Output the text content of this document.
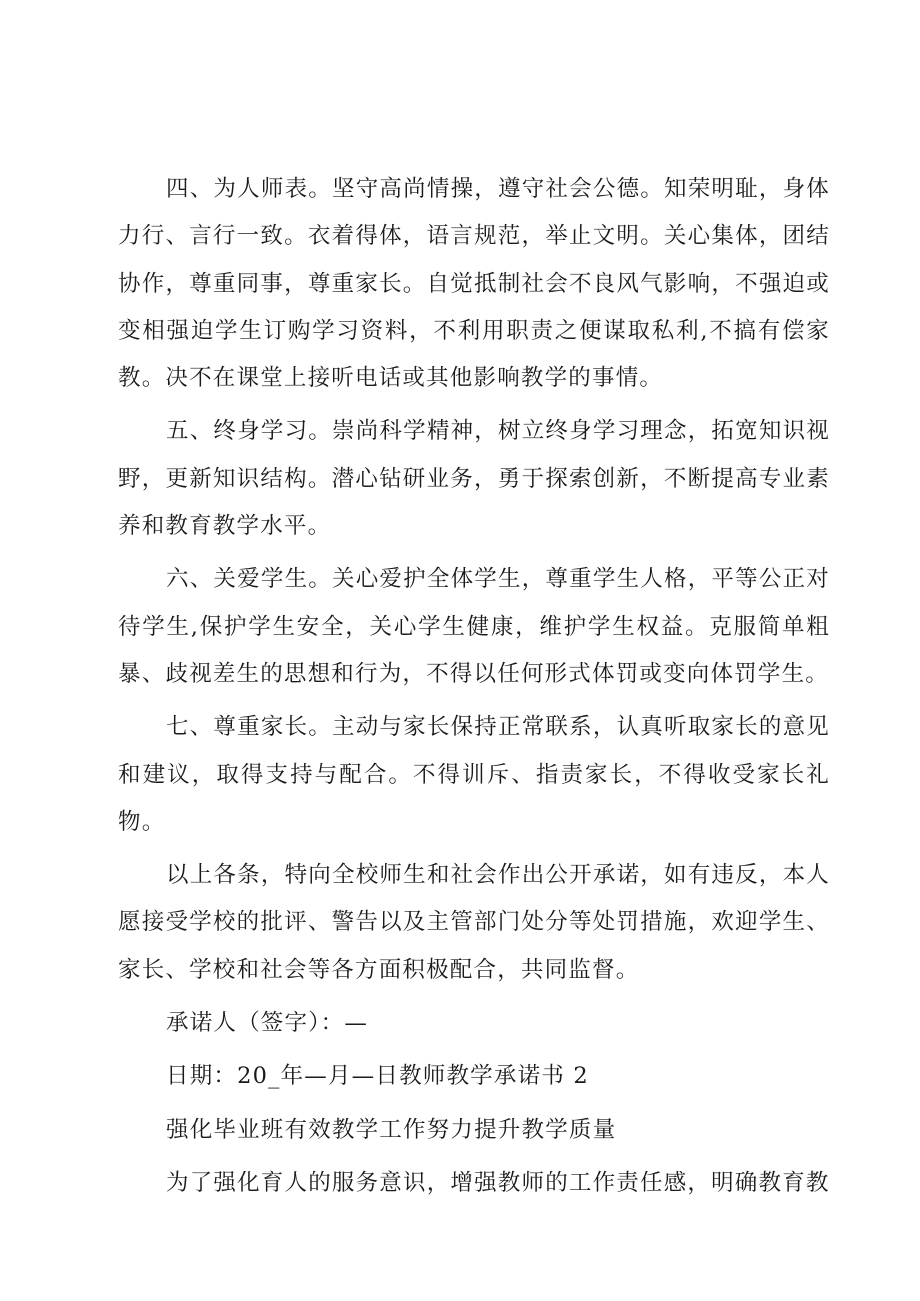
四、为人师表。坚守高尚情操，遵守社会公德。知荣明耻，身体力行、言行一致。衣着得体，语言规范，举止文明。关心集体，团结协作，尊重同事，尊重家长。自觉抵制社会不良风气影响，不强迫或变相强迫学生订购学习资料，不利用职责之便谋取私利,不搞有偿家教。决不在课堂上接听电话或其他影响教学的事情。

五、终身学习。崇尚科学精神，树立终身学习理念，拓宽知识视野，更新知识结构。潜心钻研业务，勇于探索创新，不断提高专业素养和教育教学水平。

六、关爱学生。关心爱护全体学生，尊重学生人格，平等公正对待学生,保护学生安全，关心学生健康，维护学生权益。克服简单粗暴、歧视差生的思想和行为，不得以任何形式体罚或变向体罚学生。

七、尊重家长。主动与家长保持正常联系，认真听取家长的意见和建议，取得支持与配合。不得训斥、指责家长，不得收受家长礼物。

以上各条，特向全校师生和社会作出公开承诺，如有违反，本人愿接受学校的批评、警告以及主管部门处分等处罚措施，欢迎学生、家长、学校和社会等各方面积极配合，共同监督。

承诺人（签字）：—
日期：20_年—月—日教师教学承诺书 2
强化毕业班有效教学工作努力提升教学质量

为了强化育人的服务意识，增强教师的工作责任感，明确教育教
